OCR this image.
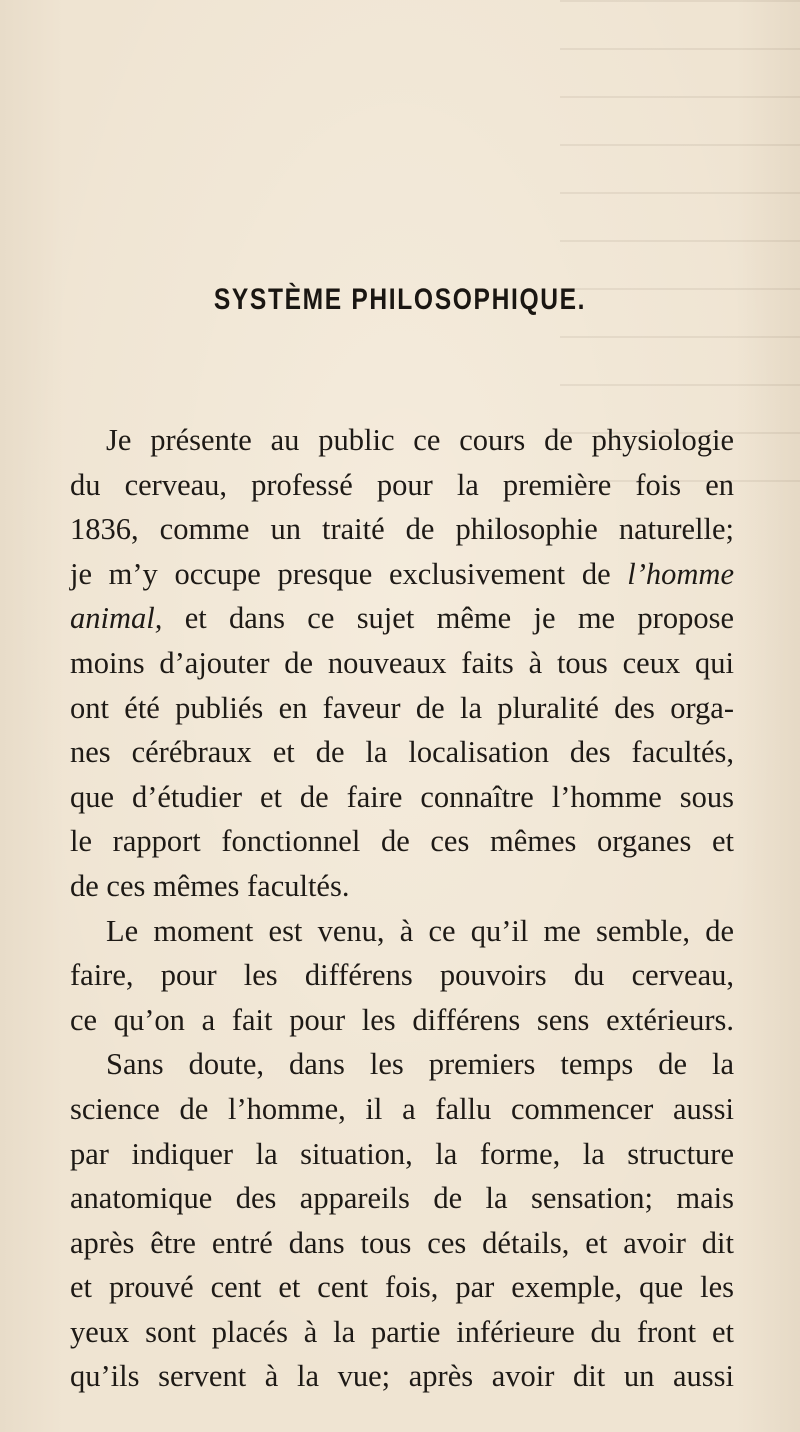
SYSTÈME PHILOSOPHIQUE.
Je présente au public ce cours de physiologie
du cerveau, professé pour la première fois en
1836, comme un traité de philosophie naturelle;
je m’y occupe presque exclusivement de l’homme
animal, et dans ce sujet même je me propose
moins d’ajouter de nouveaux faits à tous ceux qui
ont été publiés en faveur de la pluralité des orga-
nes cérébraux et de la localisation des facultés,
que d’étudier et de faire connaître l’homme sous
le rapport fonctionnel de ces mêmes organes et
de ces mêmes facultés.
Le moment est venu, à ce qu’il me semble, de
faire, pour les différens pouvoirs du cerveau,
ce qu’on a fait pour les différens sens extérieurs.
Sans doute, dans les premiers temps de la
science de l’homme, il a fallu commencer aussi
par indiquer la situation, la forme, la structure
anatomique des appareils de la sensation; mais
après être entré dans tous ces détails, et avoir dit
et prouvé cent et cent fois, par exemple, que les
yeux sont placés à la partie inférieure du front et
qu’ils servent à la vue; après avoir dit un aussi
